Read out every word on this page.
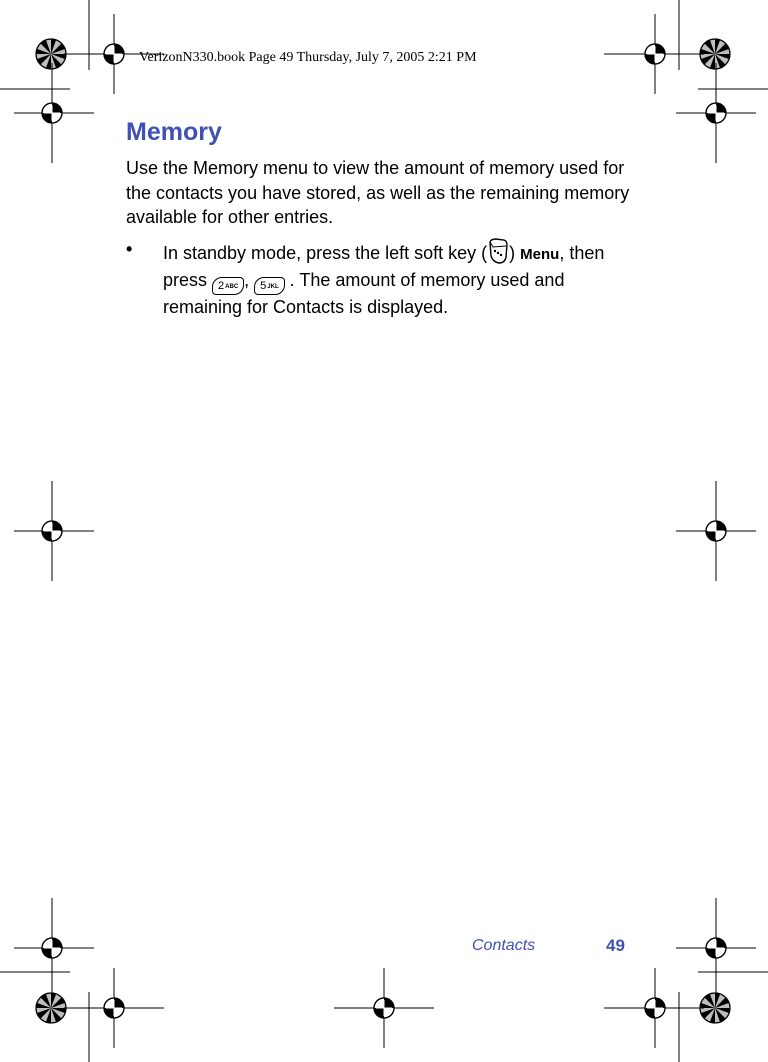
VerizonN330.book Page 49 Thursday, July 7, 2005 2:21 PM
Memory

Use the Memory menu to view the amount of memory used for the contacts you have stored, as well as the remaining memory available for other entries.

• In standby mode, press the left soft key ( ) Menu, then press 2ABC , 5JKL . The amount of memory used and remaining for Contacts is displayed.

Contacts	49
